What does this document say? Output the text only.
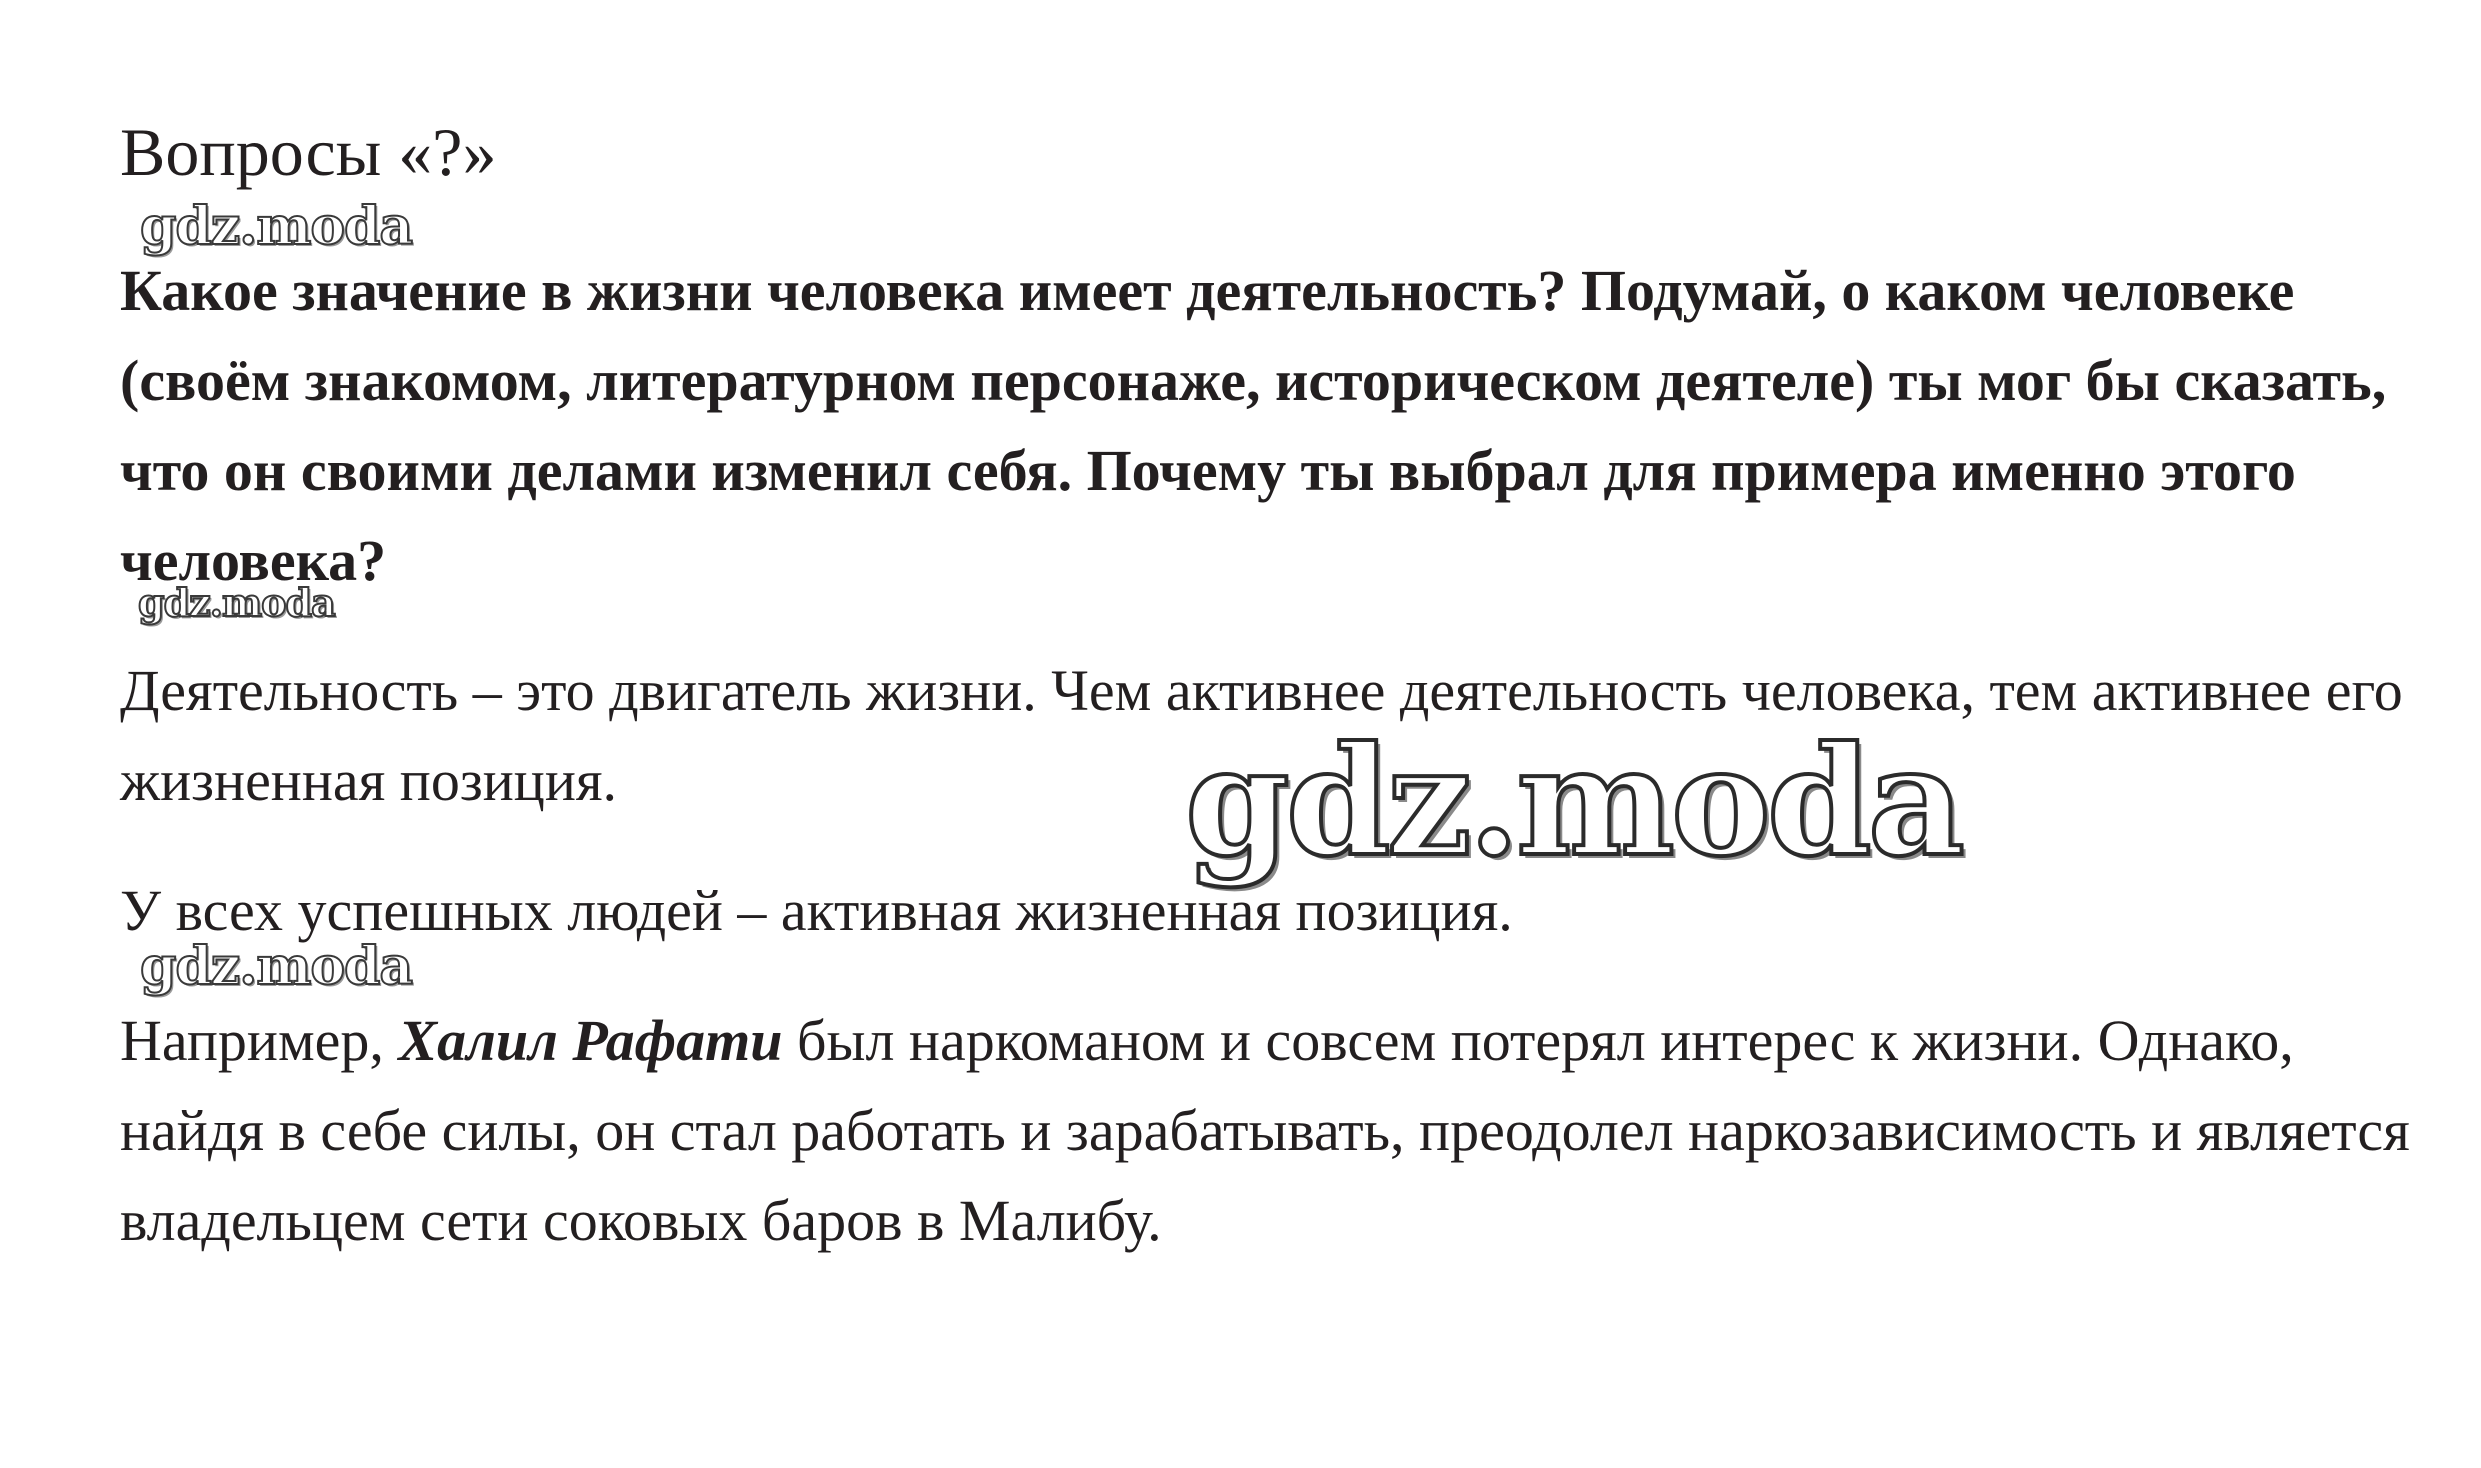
Вопросы «?»
gdz.moda

Какое значение в жизни человека имеет деятельность? Подумай, о каком человеке (своём знакомом, литературном персонаже, историческом деятеле) ты мог бы сказать, что он своими делами изменил себя. Почему ты выбрал для примера именно этого человека?

gdz.moda

Деятельность – это двигатель жизни. Чем активнее деятельность человека, тем активнее его жизненная позиция.	gdz.moda

У всех успешных людей – активная жизненная позиция.

gdz.moda

Например, Халил Рафати был наркоманом и совсем потерял интерес к жизни. Однако, найдя в себе силы, он стал работать и зарабатывать, преодолел наркозависимость и является владельцем сети соковых баров в Малибу.
